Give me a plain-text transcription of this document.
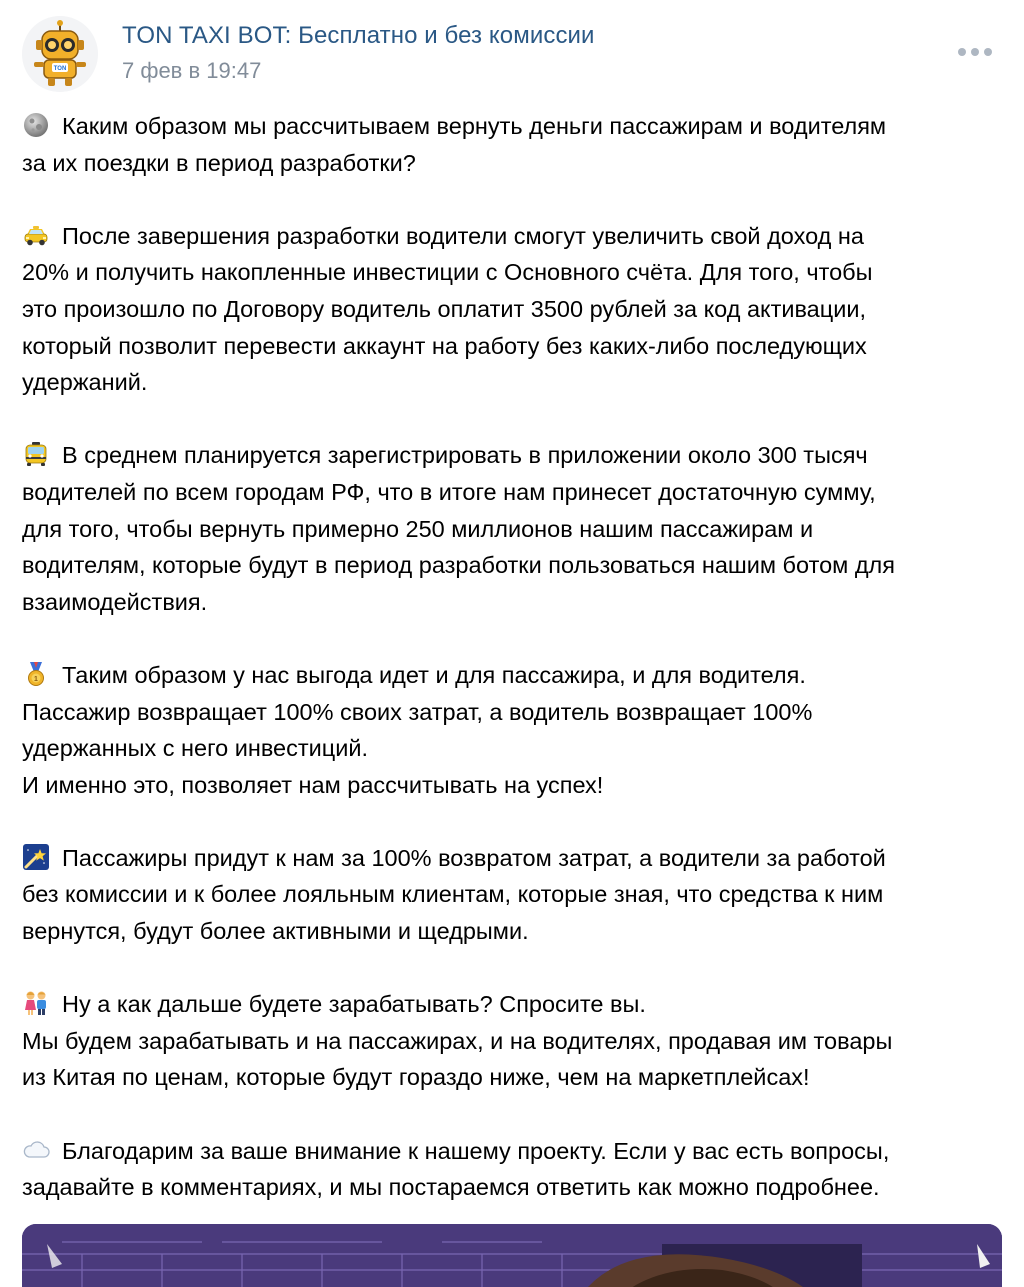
TON
TON TAXI BOT: Бесплатно и без комиссии
7 фев в 19:47
Каким образом мы рассчитываем вернуть деньги пассажирам и водителям
за их поездки в период разработки?
После завершения разработки водители смогут увеличить свой доход на
20% и получить накопленные инвестиции с Основного счёта. Для того, чтобы
это произошло по Договору водитель оплатит 3500 рублей за код активации,
который позволит перевести аккаунт на работу без каких-либо последующих
удержаний.
В среднем планируется зарегистрировать в приложении около 300 тысяч
водителей по всем городам РФ, что в итоге нам принесет достаточную сумму,
для того, чтобы вернуть примерно 250 миллионов нашим пассажирам и
водителям, которые будут в период разработки пользоваться нашим ботом для
взаимодействия.
1 Таким образом у нас выгода идет и для пассажира, и для водителя.
Пассажир возвращает 100% своих затрат, а водитель возвращает 100%
удержанных с него инвестиций.
И именно это, позволяет нам рассчитывать на успех!
Пассажиры придут к нам за 100% возвратом затрат, а водители за работой
без комиссии и к более лояльным клиентам, которые зная, что средства к ним
вернутся, будут более активными и щедрыми.
Ну а как дальше будете зарабатывать? Спросите вы.
Мы будем зарабатывать и на пассажирах, и на водителях, продавая им товары
из Китая по ценам, которые будут гораздо ниже, чем на маркетплейсах!
Благодарим за ваше внимание к нашему проекту. Если у вас есть вопросы,
задавайте в комментариях, и мы постараемся ответить как можно подробнее.
